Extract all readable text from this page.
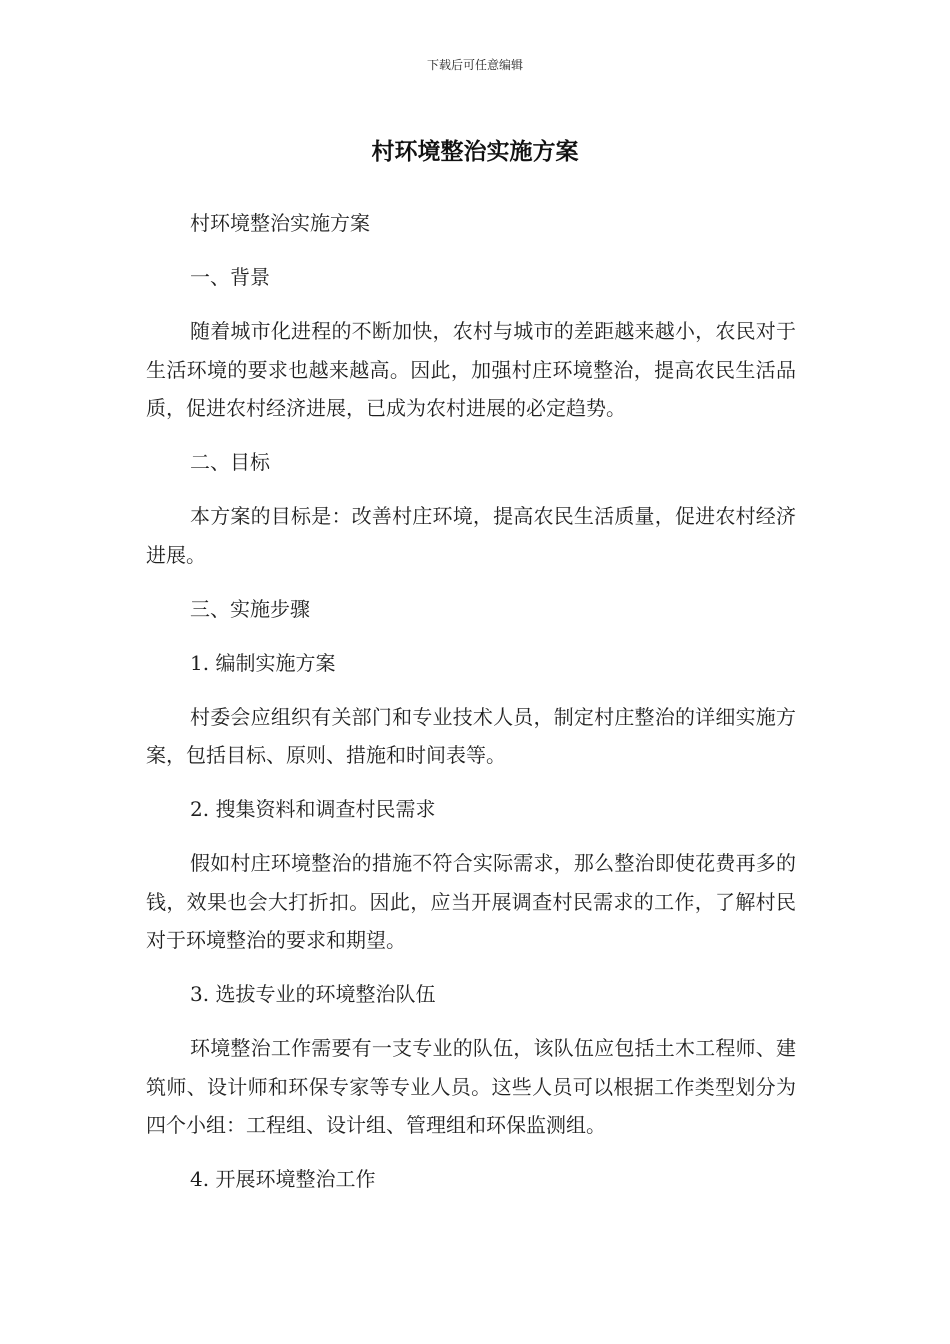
下载后可任意编辑
村环境整治实施方案

村环境整治实施方案

一、背景

随着城市化进程的不断加快，农村与城市的差距越来越小，农民对于生活环境的要求也越来越高。因此，加强村庄环境整治，提高农民生活品质，促进农村经济进展，已成为农村进展的必定趋势。

二、目标

本方案的目标是：改善村庄环境，提高农民生活质量，促进农村经济进展。

三、实施步骤

1. 编制实施方案

村委会应组织有关部门和专业技术人员，制定村庄整治的详细实施方案，包括目标、原则、措施和时间表等。

2. 搜集资料和调查村民需求

假如村庄环境整治的措施不符合实际需求，那么整治即使花费再多的钱，效果也会大打折扣。因此，应当开展调查村民需求的工作，了解村民对于环境整治的要求和期望。

3. 选拔专业的环境整治队伍

环境整治工作需要有一支专业的队伍，该队伍应包括土木工程师、建筑师、设计师和环保专家等专业人员。这些人员可以根据工作类型划分为四个小组：工程组、设计组、管理组和环保监测组。

4. 开展环境整治工作
